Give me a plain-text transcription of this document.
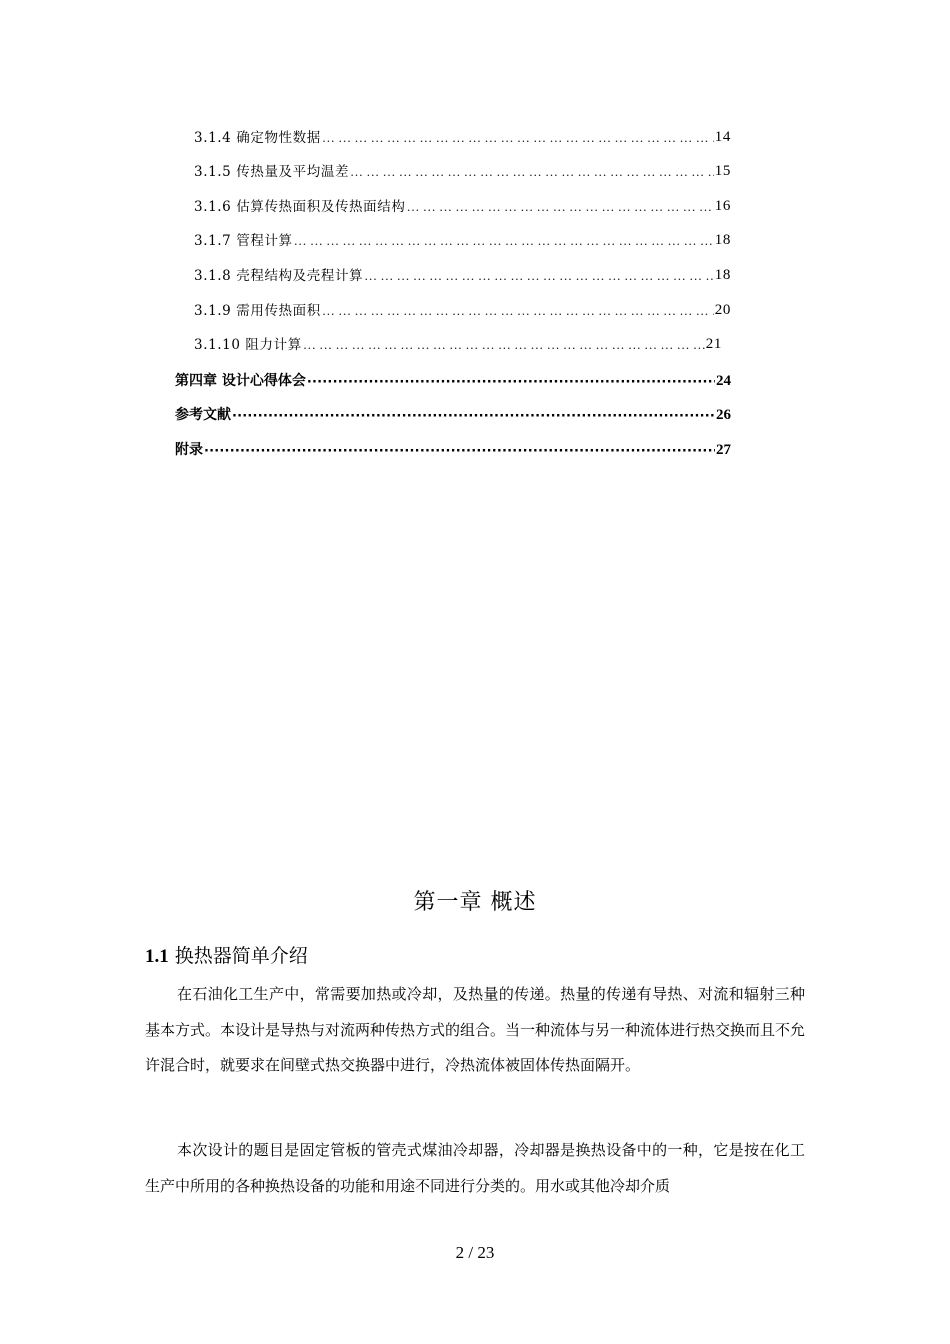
3.1.4 确定物性数据 … … … … … … … … … … … … … … … … … … … … … … … … … … … … … … … … … … … … … … … … … … … … … … … … … … … … … … … … … … … … … … … … … … … … … … … … … … … … … … … … … …	14
3.1.5 传热量及平均温差 … … … … … … … … … … … … … … … … … … … … … … … … … … … … … … … … … … … … … … … … … … … … … … … … … … … … … … … … … … … … … … … … … … … … … … … … … … … … … … … … … …	15
3.1.6 估算传热面积及传热面结构 … … … … … … … … … … … … … … … … … … … … … … … … … … … … … … … … … … … … … … … … … … … … … … … … … … … … … … … … … … … … … … … … … … … … … … … … … … … … … … … … … …	16
3.1.7 管程计算 … … … … … … … … … … … … … … … … … … … … … … … … … … … … … … … … … … … … … … … … … … … … … … … … … … … … … … … … … … … … … … … … … … … … … … … … … … … … … … … … … …	18
3.1.8 壳程结构及壳程计算 … … … … … … … … … … … … … … … … … … … … … … … … … … … … … … … … … … … … … … … … … … … … … … … … … … … … … … … … … … … … … … … … … … … … … … … … … … … … … … … … … …	18
3.1.9 需用传热面积 … … … … … … … … … … … … … … … … … … … … … … … … … … … … … … … … … … … … … … … … … … … … … … … … … … … … … … … … … … … … … … … … … … … … … … … … … … … … … … … … … …	20
3.1.10 阻力计算 … … … … … … … … … … … … … … … … … … … … … … … … … … … … … … … … … … … … … … … … … … … … … … … … … … … … … … … … … … … … … … … … … … … … … … … … … … … … … … … … … …	21
第四章 设计心得体会 ·····	24
参考文献 ·····	26
附录 ·····	27
第一章 概述
1.1 换热器简单介绍

在石油化工生产中，常需要加热或冷却，及热量的传递。热量的传递有导热、对流和辐射三种基本方式。本设计是导热与对流两种传热方式的组合。当一种流体与另一种流体进行热交换而且不允许混合时，就要求在间壁式热交换器中进行，冷热流体被固体传热面隔开。

本次设计的题目是固定管板的管壳式煤油冷却器，冷却器是换热设备中的一种，它是按在化工生产中所用的各种换热设备的功能和用途不同进行分类的。用水或其他冷却介质

2 / 23
